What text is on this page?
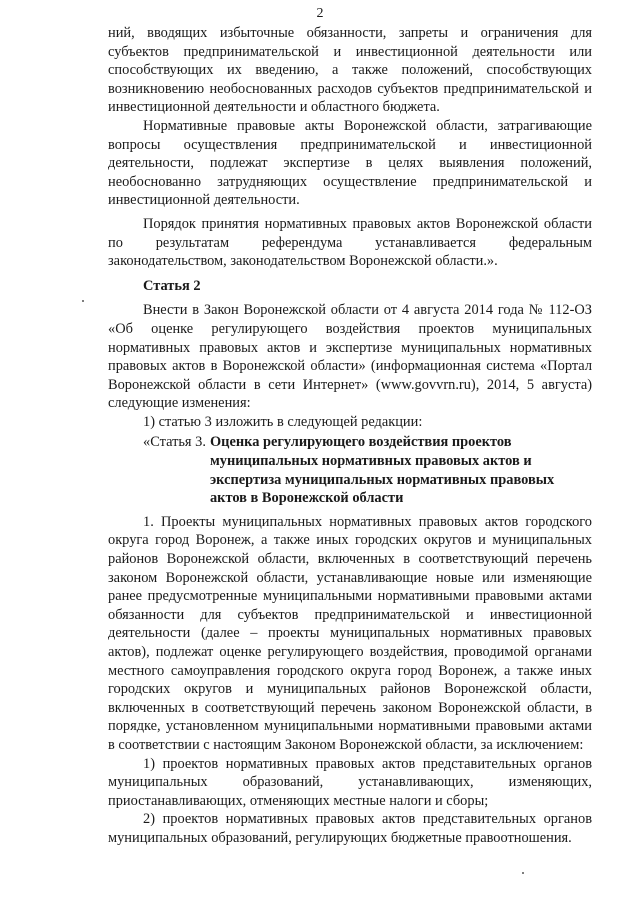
2

ний, вводящих избыточные обязанности, запреты и ограничения для субъектов предпринимательской и инвестиционной деятельности или способствующих их введению, а также положений, способствующих возникновению необоснованных расходов субъектов предпринимательской и инвестиционной деятельности и областного бюджета.

Нормативные правовые акты Воронежской области, затрагивающие вопросы осуществления предпринимательской и инвестиционной деятельности, подлежат экспертизе в целях выявления положений, необоснованно затрудняющих осуществление предпринимательской и инвестиционной деятельности.

Порядок принятия нормативных правовых актов Воронежской области по результатам референдума устанавливается федеральным законодательством, законодательством Воронежской области.».

Статья 2

Внести в Закон Воронежской области от 4 августа 2014 года № 112-ОЗ «Об оценке регулирующего воздействия проектов муниципальных нормативных правовых актов и экспертизе муниципальных нормативных правовых актов в Воронежской области» (информационная система «Портал Воронежской области в сети Интернет» (www.govvrn.ru), 2014, 5 августа) следующие изменения:

1) статью 3 изложить в следующей редакции:

«Статья 3. Оценка регулирующего воздействия проектов муниципальных нормативных правовых актов и экспертиза муниципальных нормативных правовых актов в Воронежской области

1. Проекты муниципальных нормативных правовых актов городского округа город Воронеж, а также иных городских округов и муниципальных районов Воронежской области, включенных в соответствующий перечень законом Воронежской области, устанавливающие новые или изменяющие ранее предусмотренные муниципальными нормативными правовыми актами обязанности для субъектов предпринимательской и инвестиционной деятельности (далее – проекты муниципальных нормативных правовых актов), подлежат оценке регулирующего воздействия, проводимой органами местного самоуправления городского округа город Воронеж, а также иных городских округов и муниципальных районов Воронежской области, включенных в соответствующий перечень законом Воронежской области, в порядке, установленном муниципальными нормативными правовыми актами в соответствии с настоящим Законом Воронежской области, за исключением:

1) проектов нормативных правовых актов представительных органов муниципальных образований, устанавливающих, изменяющих, приостанавливающих, отменяющих местные налоги и сборы;

2) проектов нормативных правовых актов представительных органов муниципальных образований, регулирующих бюджетные правоотношения.
